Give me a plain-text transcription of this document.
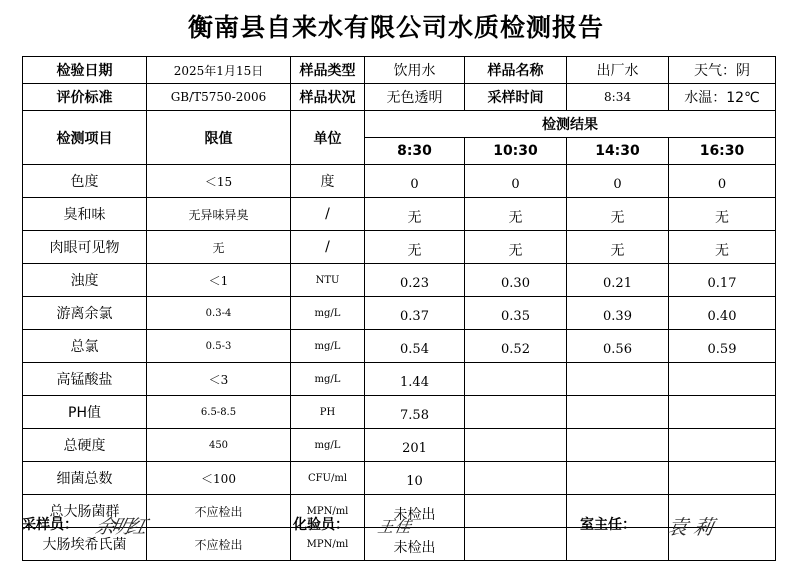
衡南县自来水有限公司水质检测报告
检验日期	2025年1月15日	样品类型	饮用水	样品名称	出厂水	天气：阴
评价标准	GB/T5750-2006	样品状况	无色透明	采样时间	8:34	水温：12℃
检测项目	限值	单位	检测结果			
			8:30	10:30	14:30	16:30
色度	＜15	度	0	0	0	0
臭和味	无异味异臭	/	无	无	无	无
肉眼可见物	无	/	无	无	无	无
浊度	＜1	NTU	0.23	0.30	0.21	0.17
游离余氯	0.3-4	mg/L	0.37	0.35	0.39	0.40
总氯	0.5-3	mg/L	0.54	0.52	0.56	0.59
高锰酸盐	＜3	mg/L	1.44			
PH值	6.5-8.5	PH	7.58			
总硬度	450	mg/L	201			
细菌总数	＜100	CFU/ml	10			
总大肠菌群	不应检出	MPN/ml	未检出			
大肠埃希氏菌	不应检出	MPN/ml	未检出			
采样员： 余明红	化验员： 王佳	室主任： 袁莉
